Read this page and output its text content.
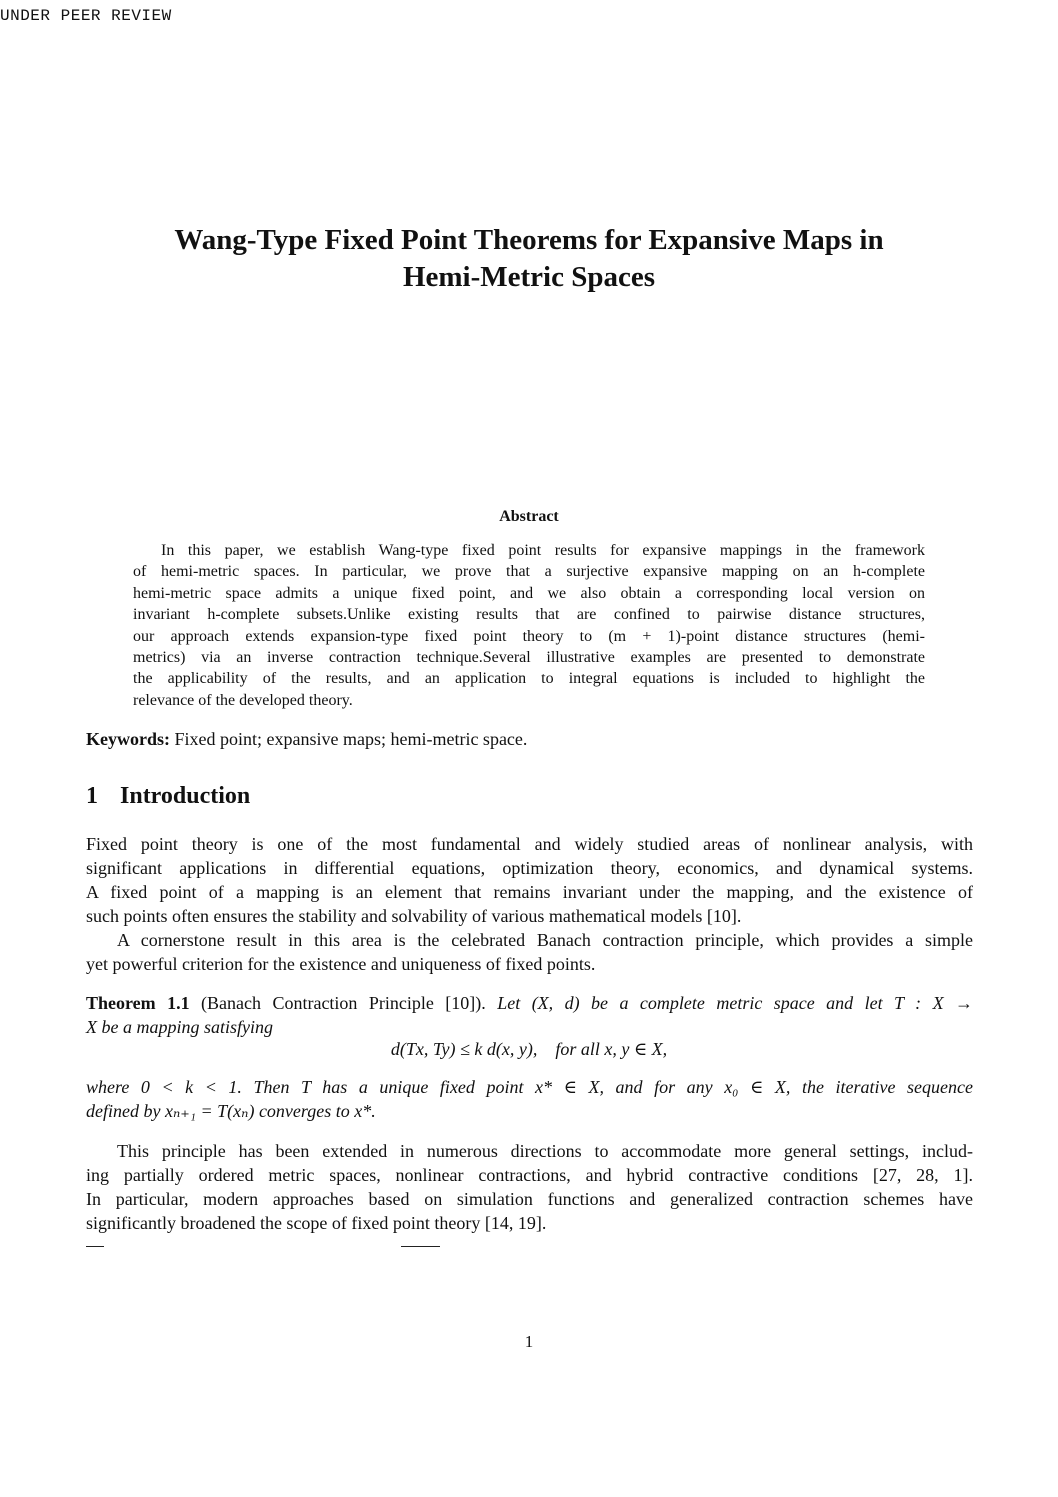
UNDER PEER REVIEW
Wang-Type Fixed Point Theorems for Expansive Maps in
Hemi-Metric Spaces
Abstract
In this paper, we establish Wang-type fixed point results for expansive mappings in the framework
of hemi-metric spaces. In particular, we prove that a surjective expansive mapping on an h-complete
hemi-metric space admits a unique fixed point, and we also obtain a corresponding local version on
invariant h-complete subsets.Unlike existing results that are confined to pairwise distance structures,
our approach extends expansion-type fixed point theory to (m + 1)-point distance structures (hemi-
metrics) via an inverse contraction technique.Several illustrative examples are presented to demonstrate
the applicability of the results, and an application to integral equations is included to highlight the
relevance of the developed theory.
Keywords: Fixed point; expansive maps; hemi-metric space.
1 Introduction
Fixed point theory is one of the most fundamental and widely studied areas of nonlinear analysis, with
significant applications in differential equations, optimization theory, economics, and dynamical systems.
A fixed point of a mapping is an element that remains invariant under the mapping, and the existence of
such points often ensures the stability and solvability of various mathematical models [10].
A cornerstone result in this area is the celebrated Banach contraction principle, which provides a simple
yet powerful criterion for the existence and uniqueness of fixed points.
Theorem 1.1 (Banach Contraction Principle [10]). Let (X, d) be a complete metric space and let T : X →
X be a mapping satisfying
d(Tx, Ty) ≤ k d(x, y),    for all x, y ∈ X,
where 0 < k < 1. Then T has a unique fixed point x* ∈ X, and for any x₀ ∈ X, the iterative sequence
defined by xₙ₊₁ = T(xₙ) converges to x*.
This principle has been extended in numerous directions to accommodate more general settings, includ-
ing partially ordered metric spaces, nonlinear contractions, and hybrid contractive conditions [27, 28, 1].
In particular, modern approaches based on simulation functions and generalized contraction schemes have
significantly broadened the scope of fixed point theory [14, 19].
1
